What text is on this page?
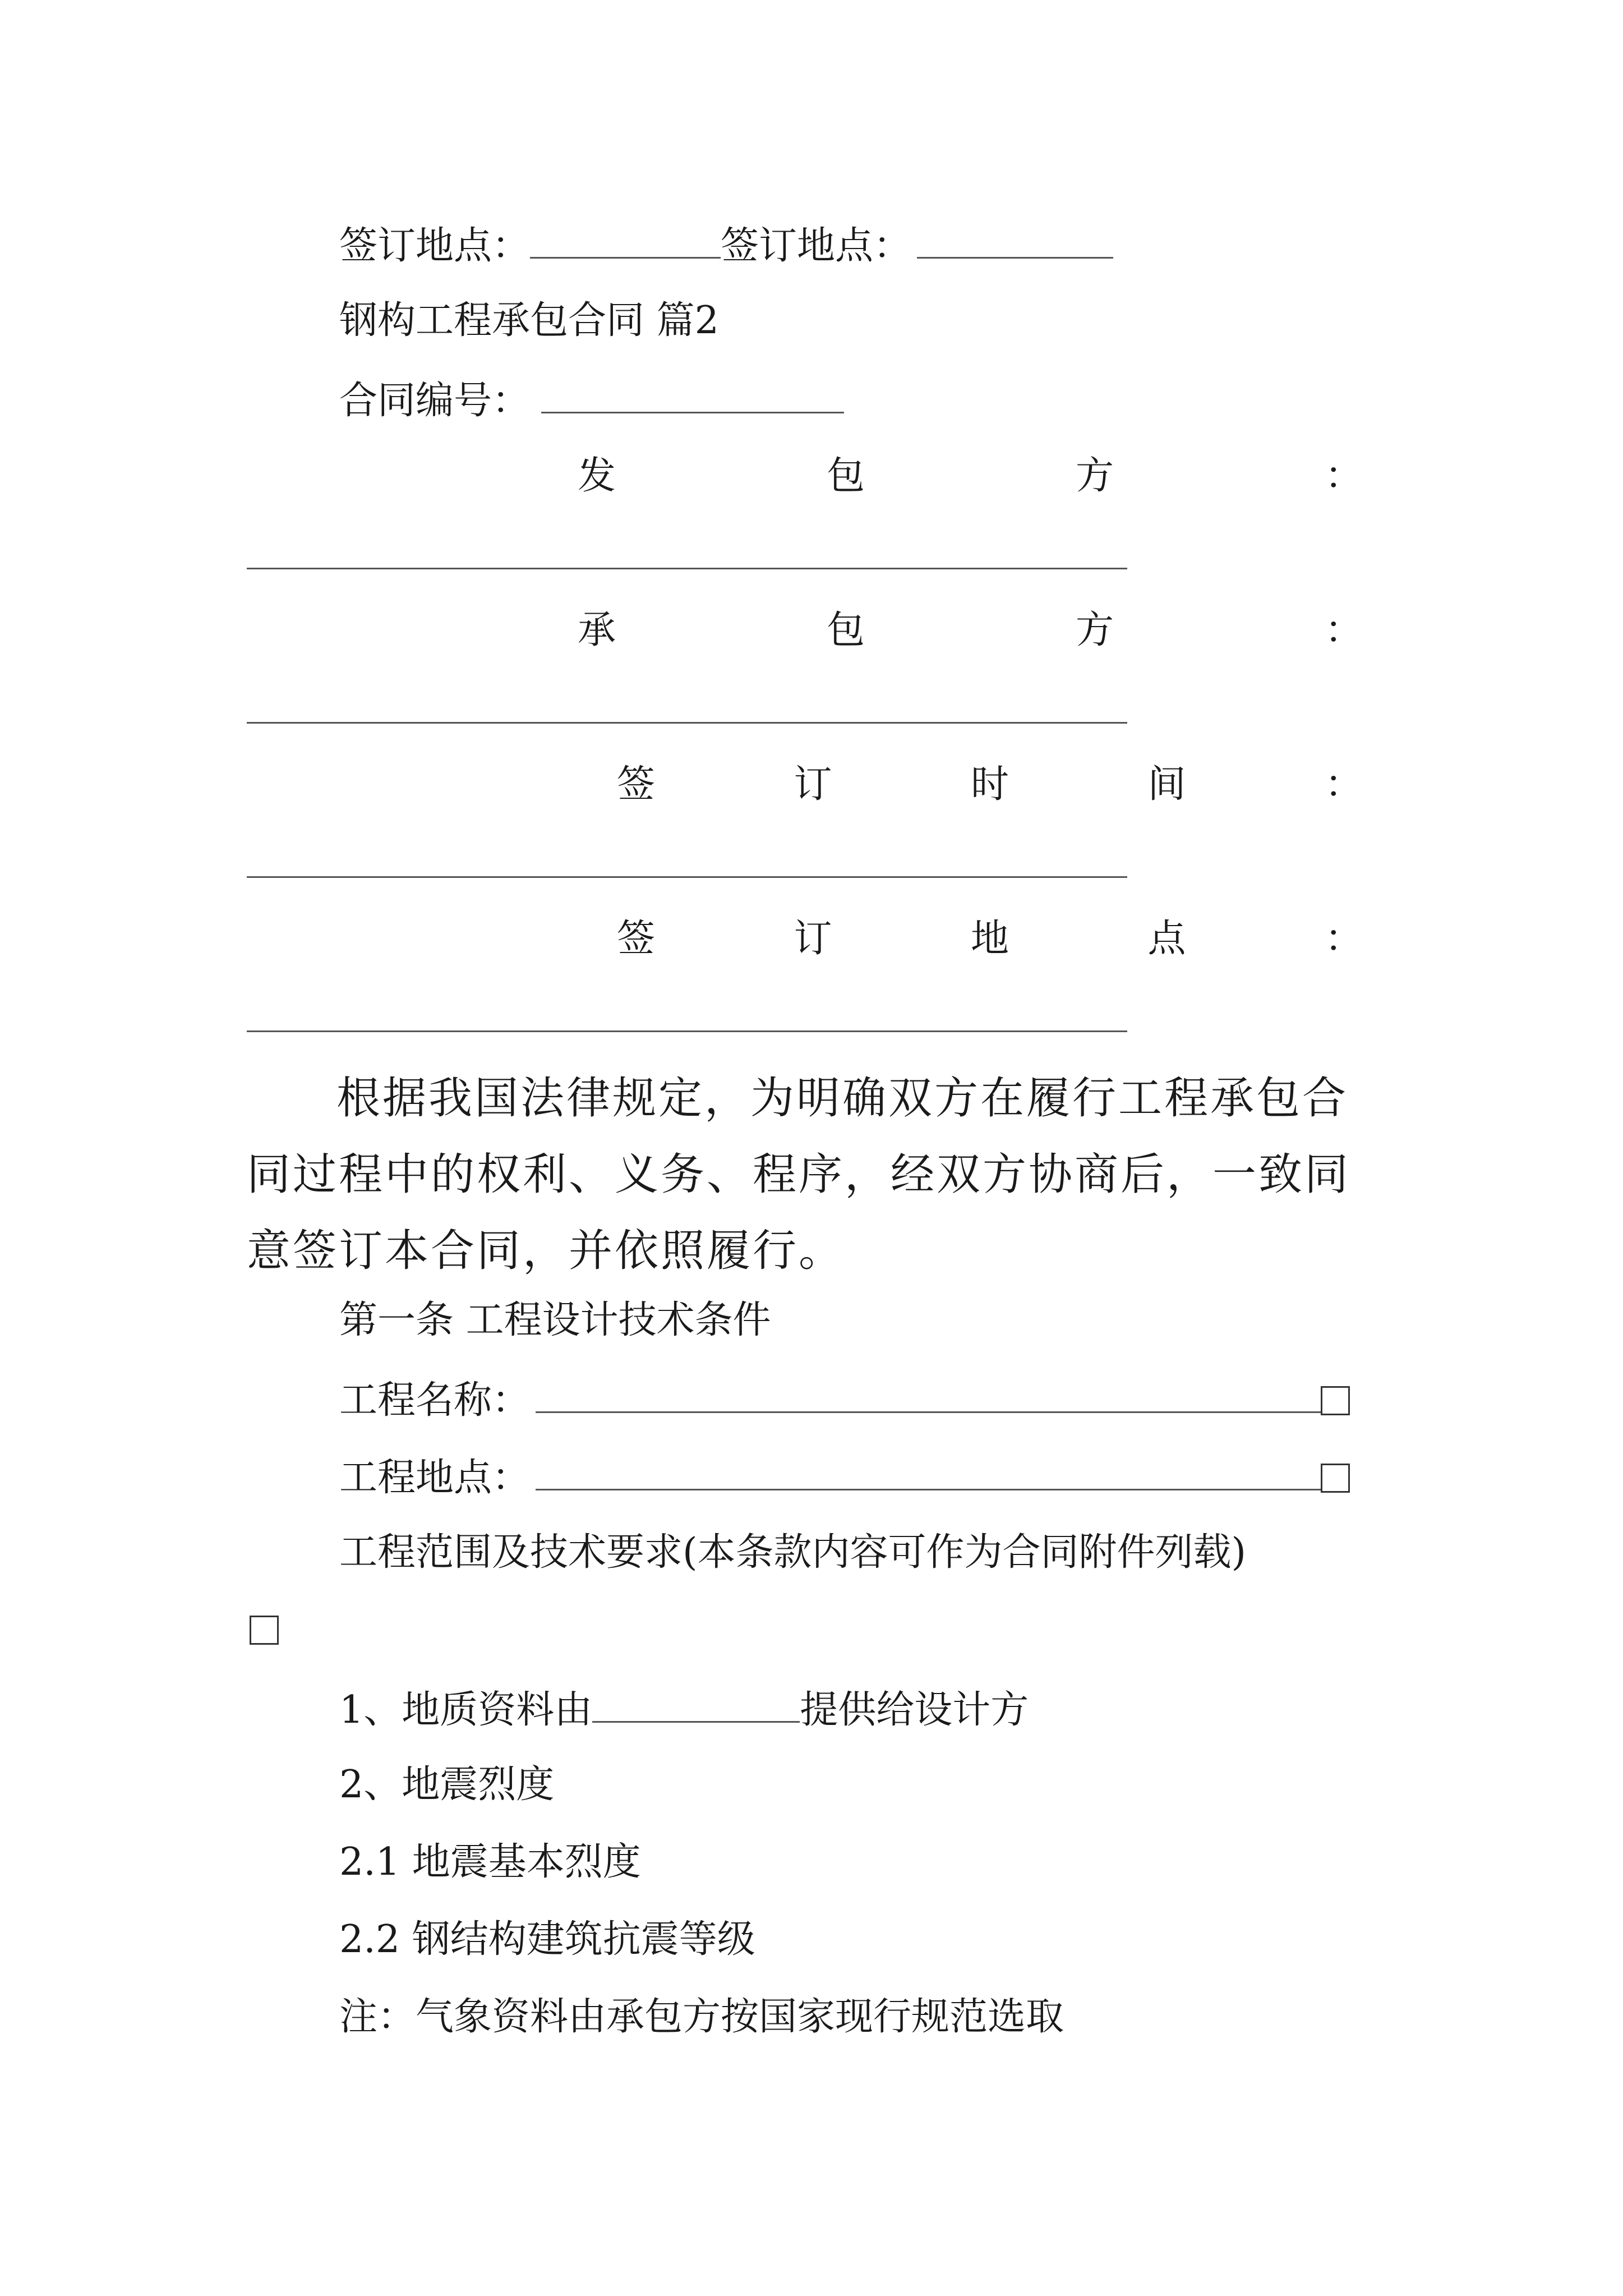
签订地点：	签订地点：
钢构工程承包合同 篇2
合同编号：
发	包	方	：
承	包	方	：
签	订	时	间	：
签	订	地	点	：
根据我国法律规定，为明确双方在履行工程承包合同过程中的权利、义务、程序，经双方协商后，一致同意签订本合同，并依照履行。
第一条 工程设计技术条件
工程名称：
工程地点：
工程范围及技术要求(本条款内容可作为合同附件列载)
1、地质资料由	提供给设计方
2、地震烈度
2.1 地震基本烈度
2.2 钢结构建筑抗震等级
注：气象资料由承包方按国家现行规范选取
